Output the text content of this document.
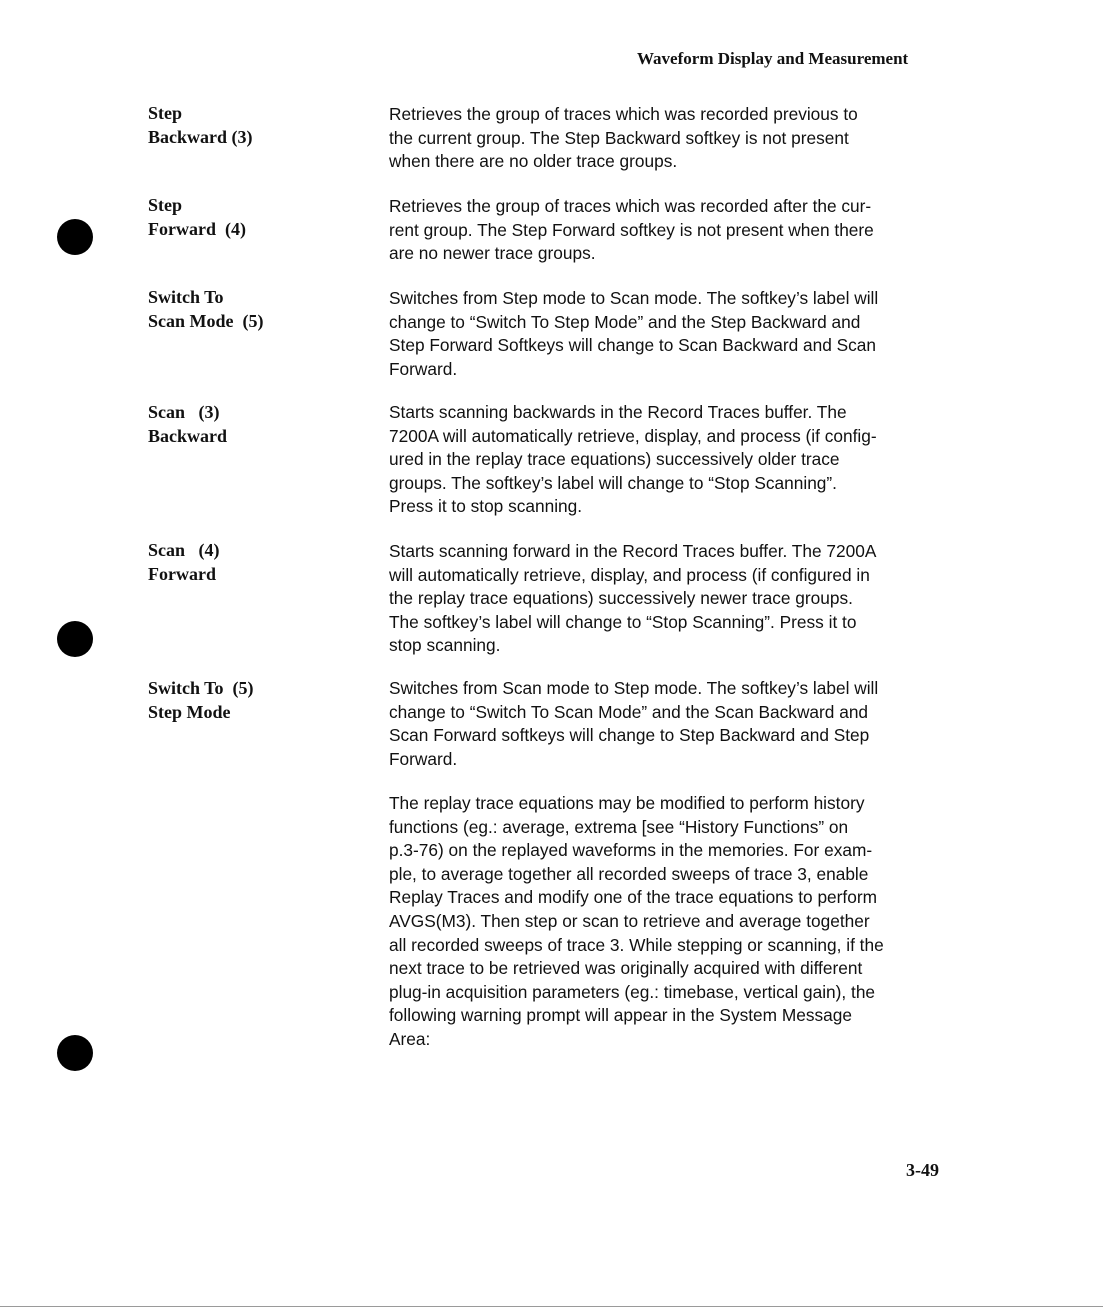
Waveform Display and Measurement
Step
Backward (3)
Retrieves the group of traces which was recorded previous to
the current group. The Step Backward softkey is not present
when there are no older trace groups.
Step
Forward  (4)
Retrieves the group of traces which was recorded after the cur-
rent group. The Step Forward softkey is not present when there
are no newer trace groups.
Switch To
Scan Mode  (5)
Switches from Step mode to Scan mode. The softkey’s label will
change to “Switch To Step Mode” and the Step Backward and
Step Forward Softkeys will change to Scan Backward and Scan
Forward.
Scan   (3)
Backward
Starts scanning backwards in the Record Traces buffer. The
7200A will automatically retrieve, display, and process (if config-
ured in the replay trace equations) successively older trace
groups. The softkey’s label will change to “Stop Scanning”.
Press it to stop scanning.
Scan   (4)
Forward
Starts scanning forward in the Record Traces buffer. The 7200A
will automatically retrieve, display, and process (if configured in
the replay trace equations) successively newer trace groups.
The softkey’s label will change to “Stop Scanning”. Press it to
stop scanning.
Switch To  (5)
Step Mode
Switches from Scan mode to Step mode. The softkey’s label will
change to “Switch To Scan Mode” and the Scan Backward and
Scan Forward softkeys will change to Step Backward and Step
Forward.
The replay trace equations may be modified to perform history
functions (eg.: average, extrema [see “History Functions” on
p.3-76) on the replayed waveforms in the memories. For exam-
ple, to average together all recorded sweeps of trace 3, enable
Replay Traces and modify one of the trace equations to perform
AVGS(M3). Then step or scan to retrieve and average together
all recorded sweeps of trace 3. While stepping or scanning, if the
next trace to be retrieved was originally acquired with different
plug-in acquisition parameters (eg.: timebase, vertical gain), the
following warning prompt will appear in the System Message
Area:
3-49
